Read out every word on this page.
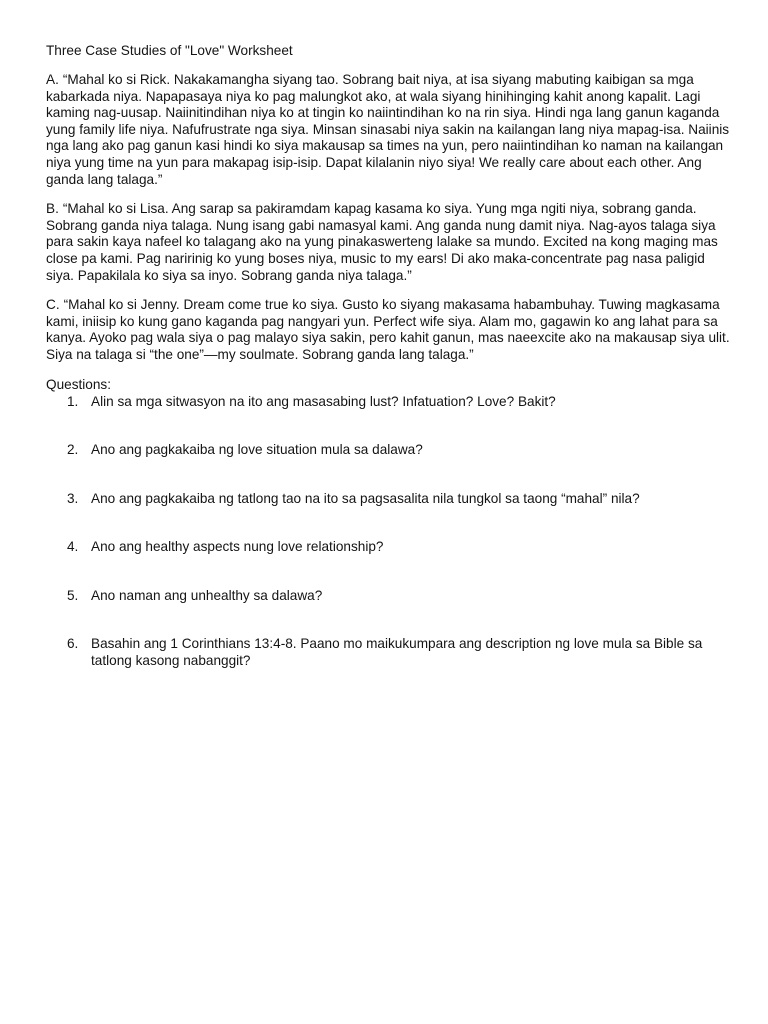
Three Case Studies of "Love" Worksheet

A. “Mahal ko si Rick. Nakakamangha siyang tao. Sobrang bait niya, at isa siyang mabuting kaibigan sa mga kabarkada niya. Napapasaya niya ko pag malungkot ako, at wala siyang hinihinging kahit anong kapalit. Lagi kaming nag-uusap. Naiinitindihan niya ko at tingin ko naiintindihan ko na rin siya. Hindi nga lang ganun kaganda yung family life niya. Nafufrustrate nga siya. Minsan sinasabi niya sakin na kailangan lang niya mapag-isa. Naiinis nga lang ako pag ganun kasi hindi ko siya makausap sa times na yun, pero naiintindihan ko naman na kailangan niya yung time na yun para makapag isip-isip. Dapat kilalanin niyo siya! We really care about each other. Ang ganda lang talaga.”

B. “Mahal ko si Lisa. Ang sarap sa pakiramdam kapag kasama ko siya. Yung mga ngiti niya, sobrang ganda. Sobrang ganda niya talaga. Nung isang gabi namasyal kami. Ang ganda nung damit niya. Nag-ayos talaga siya para sakin kaya nafeel ko talagang ako na yung pinakaswerteng lalake sa mundo. Excited na kong maging mas close pa kami. Pag naririnig ko yung boses niya, music to my ears! Di ako maka-concentrate pag nasa paligid siya. Papakilala ko siya sa inyo. Sobrang ganda niya talaga.”

C. “Mahal ko si Jenny. Dream come true ko siya. Gusto ko siyang makasama habambuhay. Tuwing magkasama kami, iniisip ko kung gano kaganda pag nangyari yun. Perfect wife siya. Alam mo, gagawin ko ang lahat para sa kanya. Ayoko pag wala siya o pag malayo siya sakin, pero kahit ganun, mas naeexcite ako na makausap siya ulit. Siya na talaga si “the one”—my soulmate. Sobrang ganda lang talaga.”

Questions:

1. Alin sa mga sitwasyon na ito ang masasabing lust? Infatuation? Love? Bakit?
2. Ano ang pagkakaiba ng love situation mula sa dalawa?
3. Ano ang pagkakaiba ng tatlong tao na ito sa pagsasalita nila tungkol sa taong “mahal” nila?
4. Ano ang healthy aspects nung love relationship?
5. Ano naman ang unhealthy sa dalawa?
6. Basahin ang 1 Corinthians 13:4-8. Paano mo maikukumpara ang description ng love mula sa Bible sa tatlong kasong nabanggit?
